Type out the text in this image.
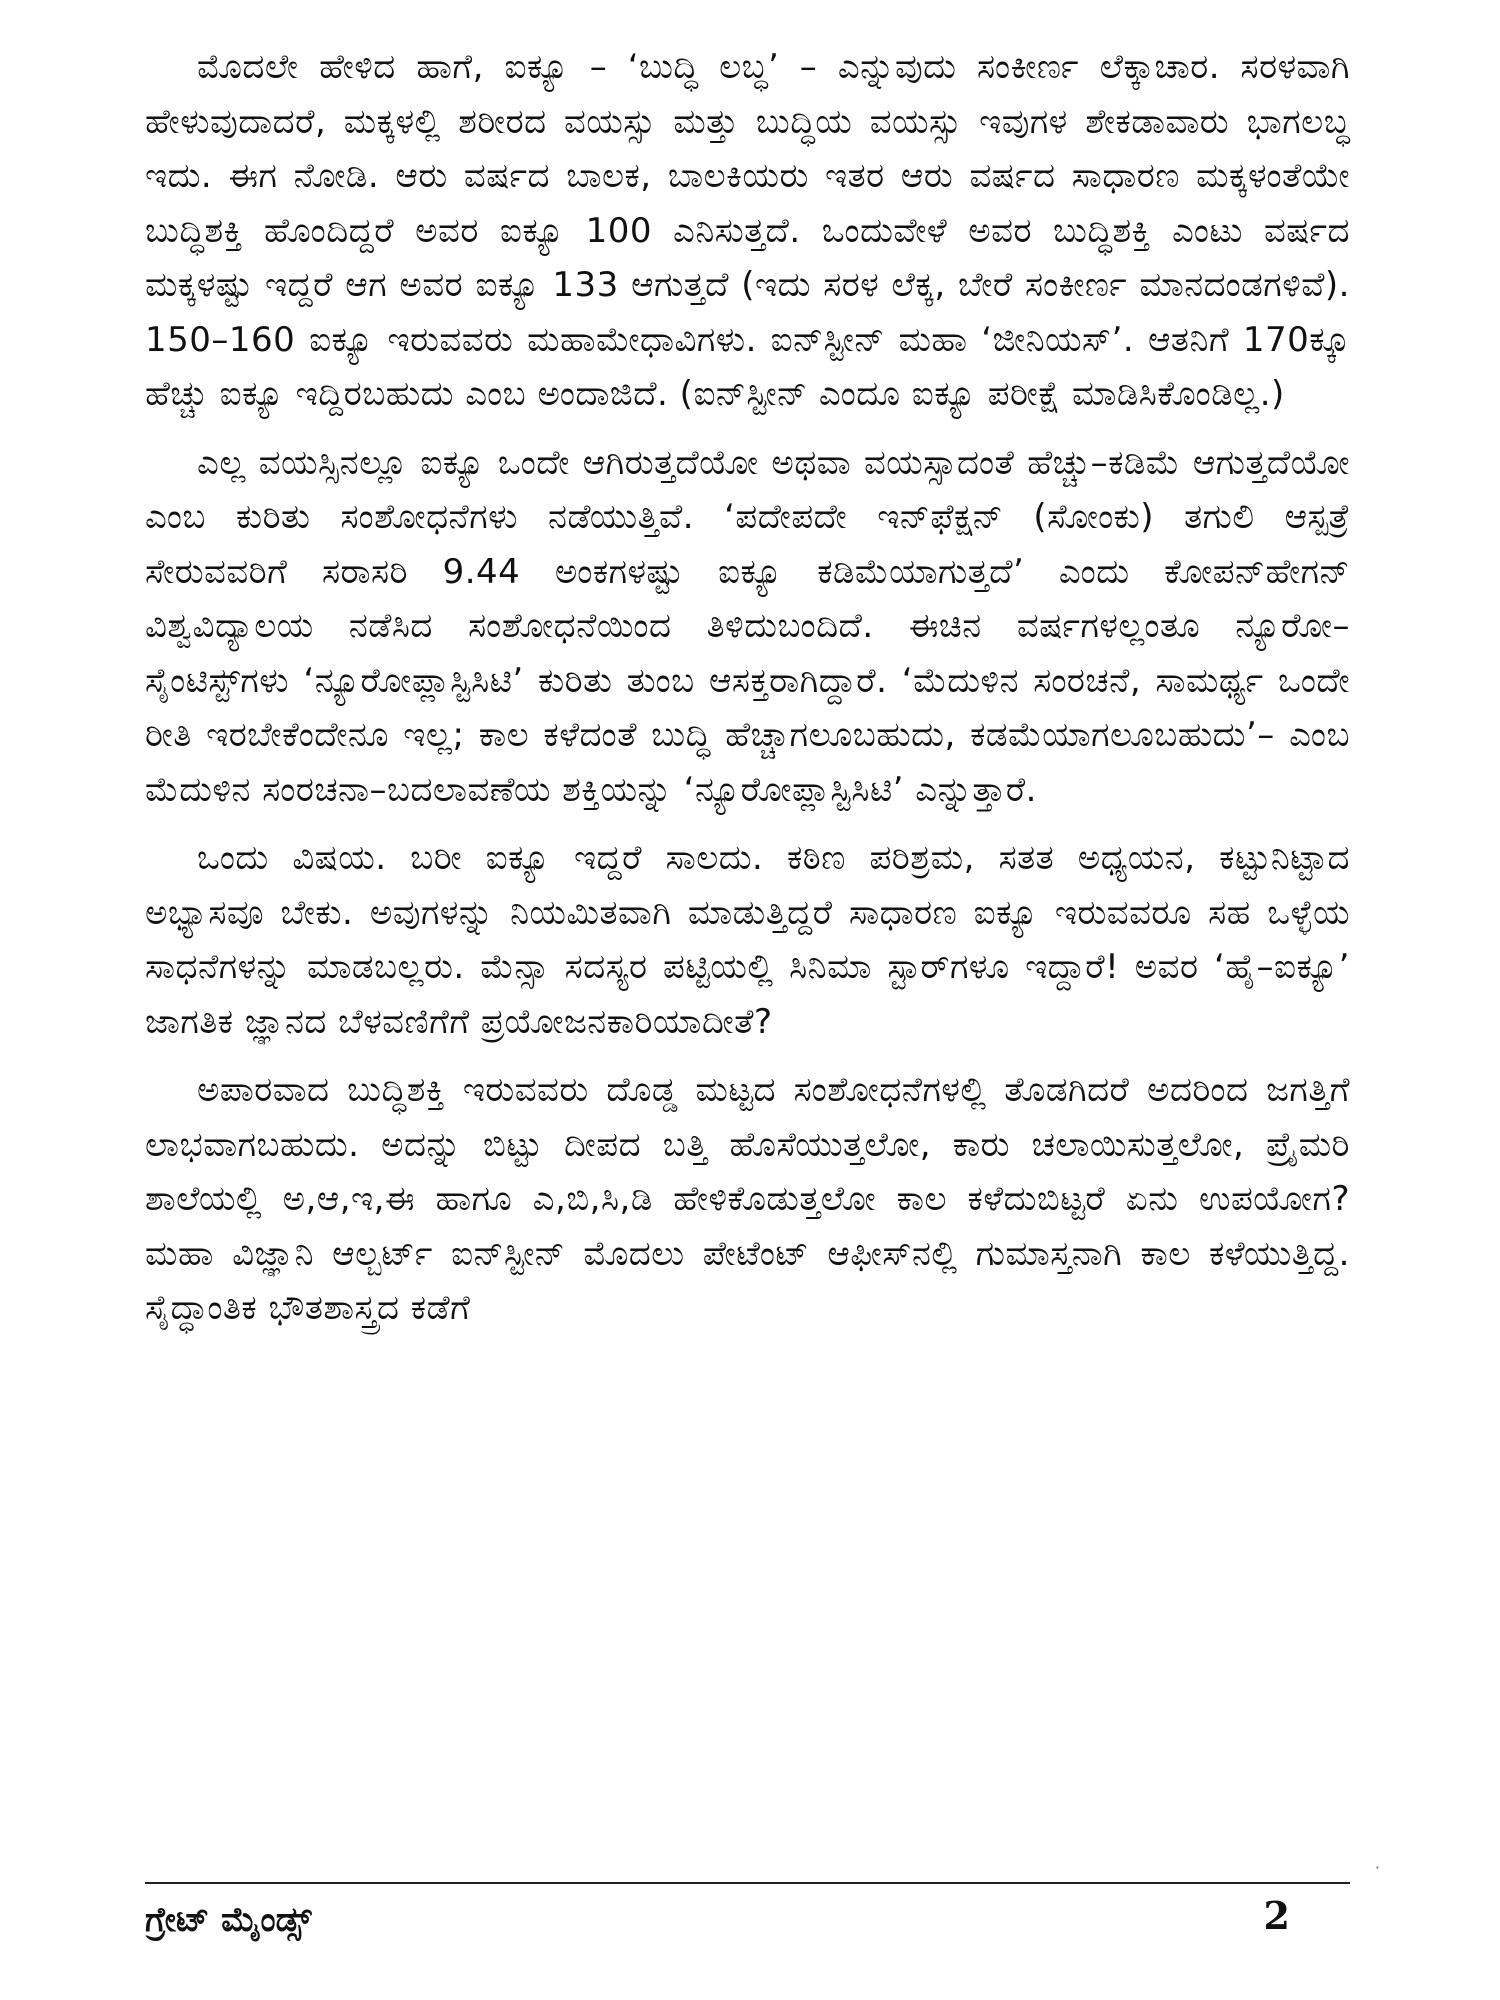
ಮೊದಲೇ ಹೇಳಿದ ಹಾಗೆ, ಐಕ್ಯೂ – ‘ಬುದ್ಧಿ ಲಬ್ಧ’ – ಎನ್ನುವುದು ಸಂಕೀರ್ಣ ಲೆಕ್ಕಾಚಾರ. ಸರಳವಾಗಿ ಹೇಳುವುದಾದರೆ, ಮಕ್ಕಳಲ್ಲಿ ಶರೀರದ ವಯಸ್ಸು ಮತ್ತು ಬುದ್ಧಿಯ ವಯಸ್ಸು ಇವುಗಳ ಶೇಕಡಾವಾರು ಭಾಗಲಬ್ಧ ಇದು. ಈಗ ನೋಡಿ. ಆರು ವರ್ಷದ ಬಾಲಕ, ಬಾಲಕಿಯರು ಇತರ ಆರು ವರ್ಷದ ಸಾಧಾರಣ ಮಕ್ಕಳಂತೆಯೇ ಬುದ್ಧಿಶಕ್ತಿ ಹೊಂದಿದ್ದರೆ ಅವರ ಐಕ್ಯೂ 100 ಎನಿಸುತ್ತದೆ. ಒಂದುವೇಳೆ ಅವರ ಬುದ್ಧಿಶಕ್ತಿ ಎಂಟು ವರ್ಷದ ಮಕ್ಕಳಷ್ಟು ಇದ್ದರೆ ಆಗ ಅವರ ಐಕ್ಯೂ 133 ಆಗುತ್ತದೆ (ಇದು ಸರಳ ಲೆಕ್ಕ, ಬೇರೆ ಸಂಕೀರ್ಣ ಮಾನದಂಡಗಳಿವೆ). 150–160 ಐಕ್ಯೂ ಇರುವವರು ಮಹಾಮೇಧಾವಿಗಳು. ಐನ್‌ಸ್ಟೀನ್ ಮಹಾ ‘ಜೀನಿಯಸ್’. ಆತನಿಗೆ 170ಕ್ಕೂ ಹೆಚ್ಚು ಐಕ್ಯೂ ಇದ್ದಿರಬಹುದು ಎಂಬ ಅಂದಾಜಿದೆ. (ಐನ್‌ಸ್ಟೀನ್ ಎಂದೂ ಐಕ್ಯೂ ಪರೀಕ್ಷೆ ಮಾಡಿಸಿಕೊಂಡಿಲ್ಲ.)

ಎಲ್ಲ ವಯಸ್ಸಿನಲ್ಲೂ ಐಕ್ಯೂ ಒಂದೇ ಆಗಿರುತ್ತದೆಯೋ ಅಥವಾ ವಯಸ್ಸಾದಂತೆ ಹೆಚ್ಚು–ಕಡಿಮೆ ಆಗುತ್ತದೆಯೋ ಎಂಬ ಕುರಿತು ಸಂಶೋಧನೆಗಳು ನಡೆಯುತ್ತಿವೆ. ‘ಪದೇಪದೇ ಇನ್‌ಫೆಕ್ಷನ್ (ಸೋಂಕು) ತಗುಲಿ ಆಸ್ಪತ್ರೆ ಸೇರುವವರಿಗೆ ಸರಾಸರಿ 9.44 ಅಂಕಗಳಷ್ಟು ಐಕ್ಯೂ ಕಡಿಮೆಯಾಗುತ್ತದೆ’ ಎಂದು ಕೋಪನ್‌ಹೇಗನ್ ವಿಶ್ವವಿದ್ಯಾಲಯ ನಡೆಸಿದ ಸಂಶೋಧನೆಯಿಂದ ತಿಳಿದುಬಂದಿದೆ. ಈಚಿನ ವರ್ಷಗಳಲ್ಲಂತೂ ನ್ಯೂರೋ–ಸೈಂಟಿಸ್ಟ್‌ಗಳು ‘ನ್ಯೂರೋಪ್ಲಾಸ್ಟಿಸಿಟಿ’ ಕುರಿತು ತುಂಬ ಆಸಕ್ತರಾಗಿದ್ದಾರೆ. ‘ಮೆದುಳಿನ ಸಂರಚನೆ, ಸಾಮರ್ಥ್ಯ ಒಂದೇ ರೀತಿ ಇರಬೇಕೆಂದೇನೂ ಇಲ್ಲ; ಕಾಲ ಕಳೆದಂತೆ ಬುದ್ಧಿ ಹೆಚ್ಚಾಗಲೂಬಹುದು, ಕಡಮೆಯಾಗಲೂಬಹುದು’– ಎಂಬ ಮೆದುಳಿನ ಸಂರಚನಾ–ಬದಲಾವಣೆಯ ಶಕ್ತಿಯನ್ನು ‘ನ್ಯೂರೋಪ್ಲಾಸ್ಟಿಸಿಟಿ’ ಎನ್ನುತ್ತಾರೆ.

ಒಂದು ವಿಷಯ. ಬರೀ ಐಕ್ಯೂ ಇದ್ದರೆ ಸಾಲದು. ಕಠಿಣ ಪರಿಶ್ರಮ, ಸತತ ಅಧ್ಯಯನ, ಕಟ್ಟುನಿಟ್ಟಾದ ಅಭ್ಯಾಸವೂ ಬೇಕು. ಅವುಗಳನ್ನು ನಿಯಮಿತವಾಗಿ ಮಾಡುತ್ತಿದ್ದರೆ ಸಾಧಾರಣ ಐಕ್ಯೂ ಇರುವವರೂ ಸಹ ಒಳ್ಳೆಯ ಸಾಧನೆಗಳನ್ನು ಮಾಡಬಲ್ಲರು. ಮೆನ್ಸಾ ಸದಸ್ಯರ ಪಟ್ಟಿಯಲ್ಲಿ ಸಿನಿಮಾ ಸ್ಟಾರ್‌ಗಳೂ ಇದ್ದಾರೆ! ಅವರ ‘ಹೈ–ಐಕ್ಯೂ’ ಜಾಗತಿಕ ಜ್ಞಾನದ ಬೆಳವಣಿಗೆಗೆ ಪ್ರಯೋಜನಕಾರಿಯಾದೀತೆ?

ಅಪಾರವಾದ ಬುದ್ಧಿಶಕ್ತಿ ಇರುವವರು ದೊಡ್ಡ ಮಟ್ಟದ ಸಂಶೋಧನೆಗಳಲ್ಲಿ ತೊಡಗಿದರೆ ಅದರಿಂದ ಜಗತ್ತಿಗೆ ಲಾಭವಾಗಬಹುದು. ಅದನ್ನು ಬಿಟ್ಟು ದೀಪದ ಬತ್ತಿ ಹೊಸೆಯುತ್ತಲೋ, ಕಾರು ಚಲಾಯಿಸುತ್ತಲೋ, ಪ್ರೈಮರಿ ಶಾಲೆಯಲ್ಲಿ ಅ,ಆ,ಇ,ಈ ಹಾಗೂ ಎ,ಬಿ,ಸಿ,ಡಿ ಹೇಳಿಕೊಡುತ್ತಲೋ ಕಾಲ ಕಳೆದುಬಿಟ್ಟರೆ ಏನು ಉಪಯೋಗ? ಮಹಾ ವಿಜ್ಞಾನಿ ಆಲ್ಬರ್ಟ್ ಐನ್‌ಸ್ಟೀನ್ ಮೊದಲು ಪೇಟೆಂಟ್ ಆಫೀಸ್‌ನಲ್ಲಿ ಗುಮಾಸ್ತನಾಗಿ ಕಾಲ ಕಳೆಯುತ್ತಿದ್ದ. ಸೈದ್ಧಾಂತಿಕ ಭೌತಶಾಸ್ತ್ರದ ಕಡೆಗೆ

ಗ್ರೇಟ್ ಮೈಂಡ್ಸ್	2
·
